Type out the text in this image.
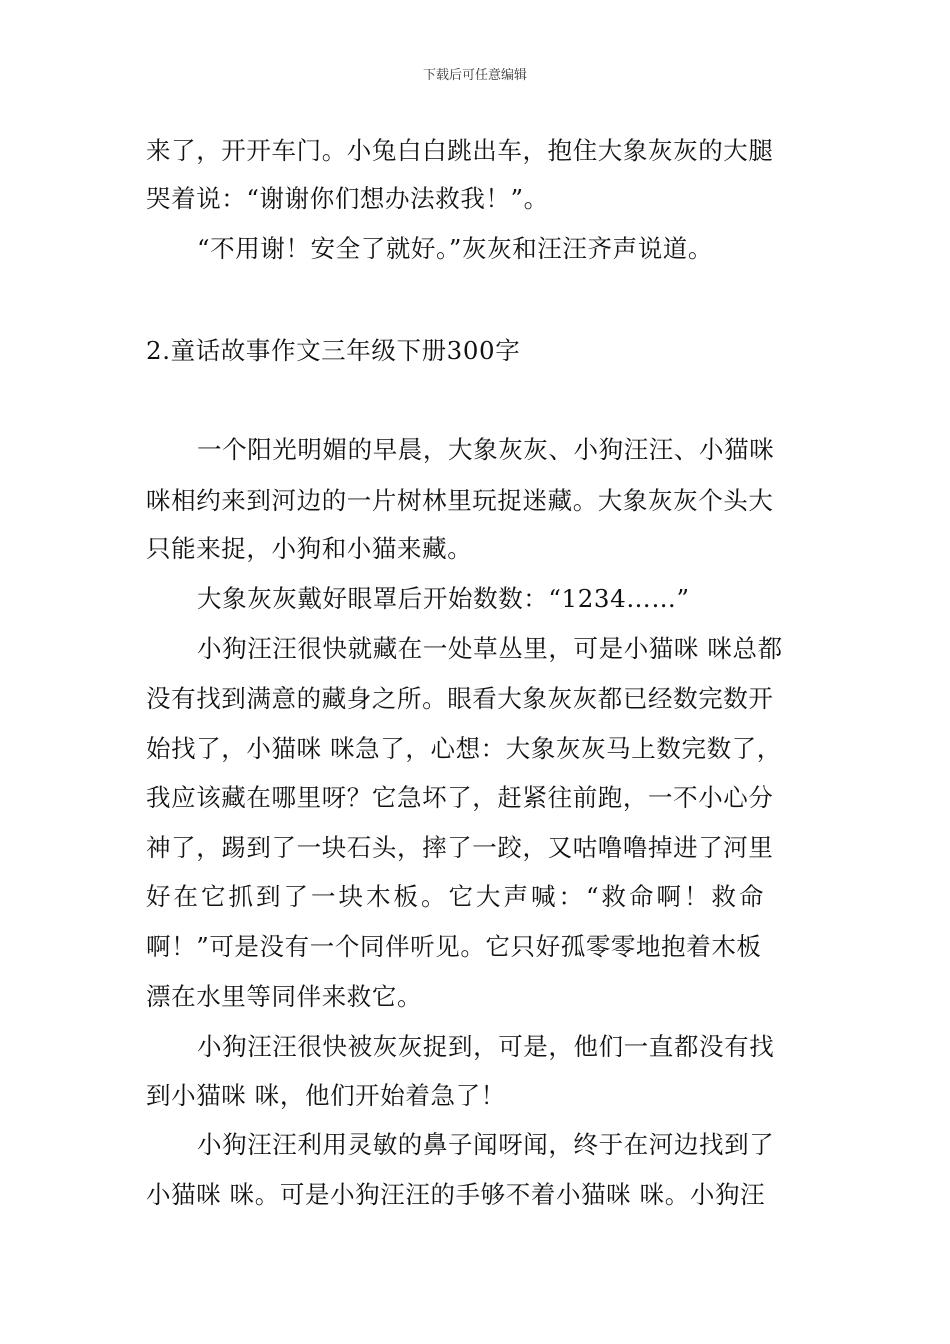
下载后可任意编辑
来了，开开车门。小兔白白跳出车，抱住大象灰灰的大腿
哭着说：“谢谢你们想办法救我！”。
“不用谢！安全了就好。”灰灰和汪汪齐声说道。
2.童话故事作文三年级下册300字
一个阳光明媚的早晨，大象灰灰、小狗汪汪、小猫咪
咪相约来到河边的一片树林里玩捉迷藏。大象灰灰个头大
只能来捉，小狗和小猫来藏。
大象灰灰戴好眼罩后开始数数：“1234……”
小狗汪汪很快就藏在一处草丛里，可是小猫咪 咪总都
没有找到满意的藏身之所。眼看大象灰灰都已经数完数开
始找了，小猫咪 咪急了，心想：大象灰灰马上数完数了，
我应该藏在哪里呀？它急坏了，赶紧往前跑，一不小心分
神了，踢到了一块石头，摔了一跤，又咕噜噜掉进了河里
好在它抓到了一块木板。它大声喊：“救命啊！救命
啊！”可是没有一个同伴听见。它只好孤零零地抱着木板
漂在水里等同伴来救它。
小狗汪汪很快被灰灰捉到，可是，他们一直都没有找
到小猫咪 咪，他们开始着急了！
小狗汪汪利用灵敏的鼻子闻呀闻，终于在河边找到了
小猫咪 咪。可是小狗汪汪的手够不着小猫咪 咪。小狗汪
